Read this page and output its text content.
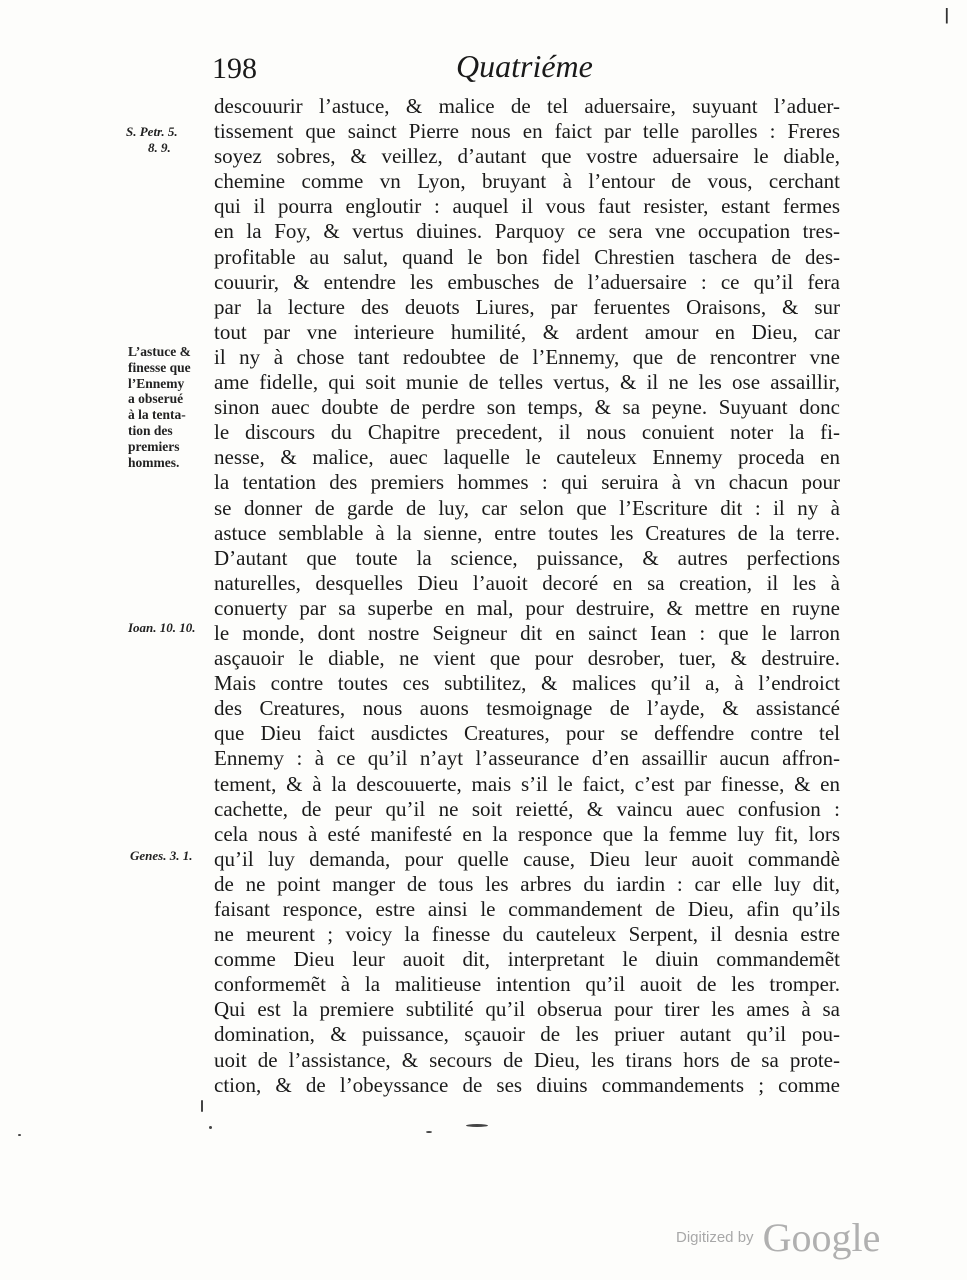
ꞁ
198	Quatriéme
S. Petr. 5.
8. 9.
L’astuce &
finesse que
l’Ennemy
a obserué
à la tenta-
tion des
premiers
hommes.
Ioan. 10. 10.
Genes. 3. 1.
descouurir l’astuce, & malice de tel aduersaire, suyuant l’aduer-
tissement que sainct Pierre nous en faict par telle parolles : Freres
soyez sobres, & veillez, d’autant que vostre aduersaire le diable,
chemine comme vn Lyon, bruyant à l’entour de vous, cerchant
qui il pourra engloutir : auquel il vous faut resister, estant fermes
en la Foy, & vertus diuines. Parquoy ce sera vne occupation tres-
profitable au salut, quand le bon fidel Chrestien taschera de des-
couurir, & entendre les embusches de l’aduersaire : ce qu’il fera
par la lecture des deuots Liures, par feruentes Oraisons, & sur
tout par vne interieure humilité, & ardent amour en Dieu, car
il ny à chose tant redoubtee de l’Ennemy, que de rencontrer vne
ame fidelle, qui soit munie de telles vertus, & il ne les ose assaillir,
sinon auec doubte de perdre son temps, & sa peyne. Suyuant donc
le discours du Chapitre precedent, il nous conuient noter la fi-
nesse, & malice, auec laquelle le cauteleux Ennemy proceda en
la tentation des premiers hommes : qui seruira à vn chacun pour
se donner de garde de luy, car selon que l’Escriture dit : il ny à
astuce semblable à la sienne, entre toutes les Creatures de la terre.
D’autant que toute la science, puissance, & autres perfections
naturelles, desquelles Dieu l’auoit decoré en sa creation, il les à
conuerty par sa superbe en mal, pour destruire, & mettre en ruyne
le monde, dont nostre Seigneur dit en sainct Iean : que le larron
asçauoir le diable, ne vient que pour desrober, tuer, & destruire.
Mais contre toutes ces subtilitez, & malices qu’il a, à l’endroict
des Creatures, nous auons tesmoignage de l’ayde, & assistancé
que Dieu faict ausdictes Creatures, pour se deffendre contre tel
Ennemy : à ce qu’il n’ayt l’asseurance d’en assaillir aucun affron-
tement, & à la descouuerte, mais s’il le faict, c’est par finesse, & en
cachette, de peur qu’il ne soit reietté, & vaincu auec confusion :
cela nous à esté manifesté en la responce que la femme luy fit, lors
qu’il luy demanda, pour quelle cause, Dieu leur auoit commandè
de ne point manger de tous les arbres du iardin : car elle luy dit,
faisant responce, estre ainsi le commandement de Dieu, afin qu’ils
ne meurent ; voicy la finesse du cauteleux Serpent, il desnia estre
comme Dieu leur auoit dit, interpretant le diuin commandemẽt
conformemẽt à la malitieuse intention qu’il auoit de les tromper.
Qui est la premiere subtilité qu’il obserua pour tirer les ames à sa
domination, & puissance, sçauoir de les priuer autant qu’il pou-
uoit de l’assistance, & secours de Dieu, les tirans hors de sa prote-
ction, & de l’obeyssance de ses diuins commandements ; comme
Digitized by Google
